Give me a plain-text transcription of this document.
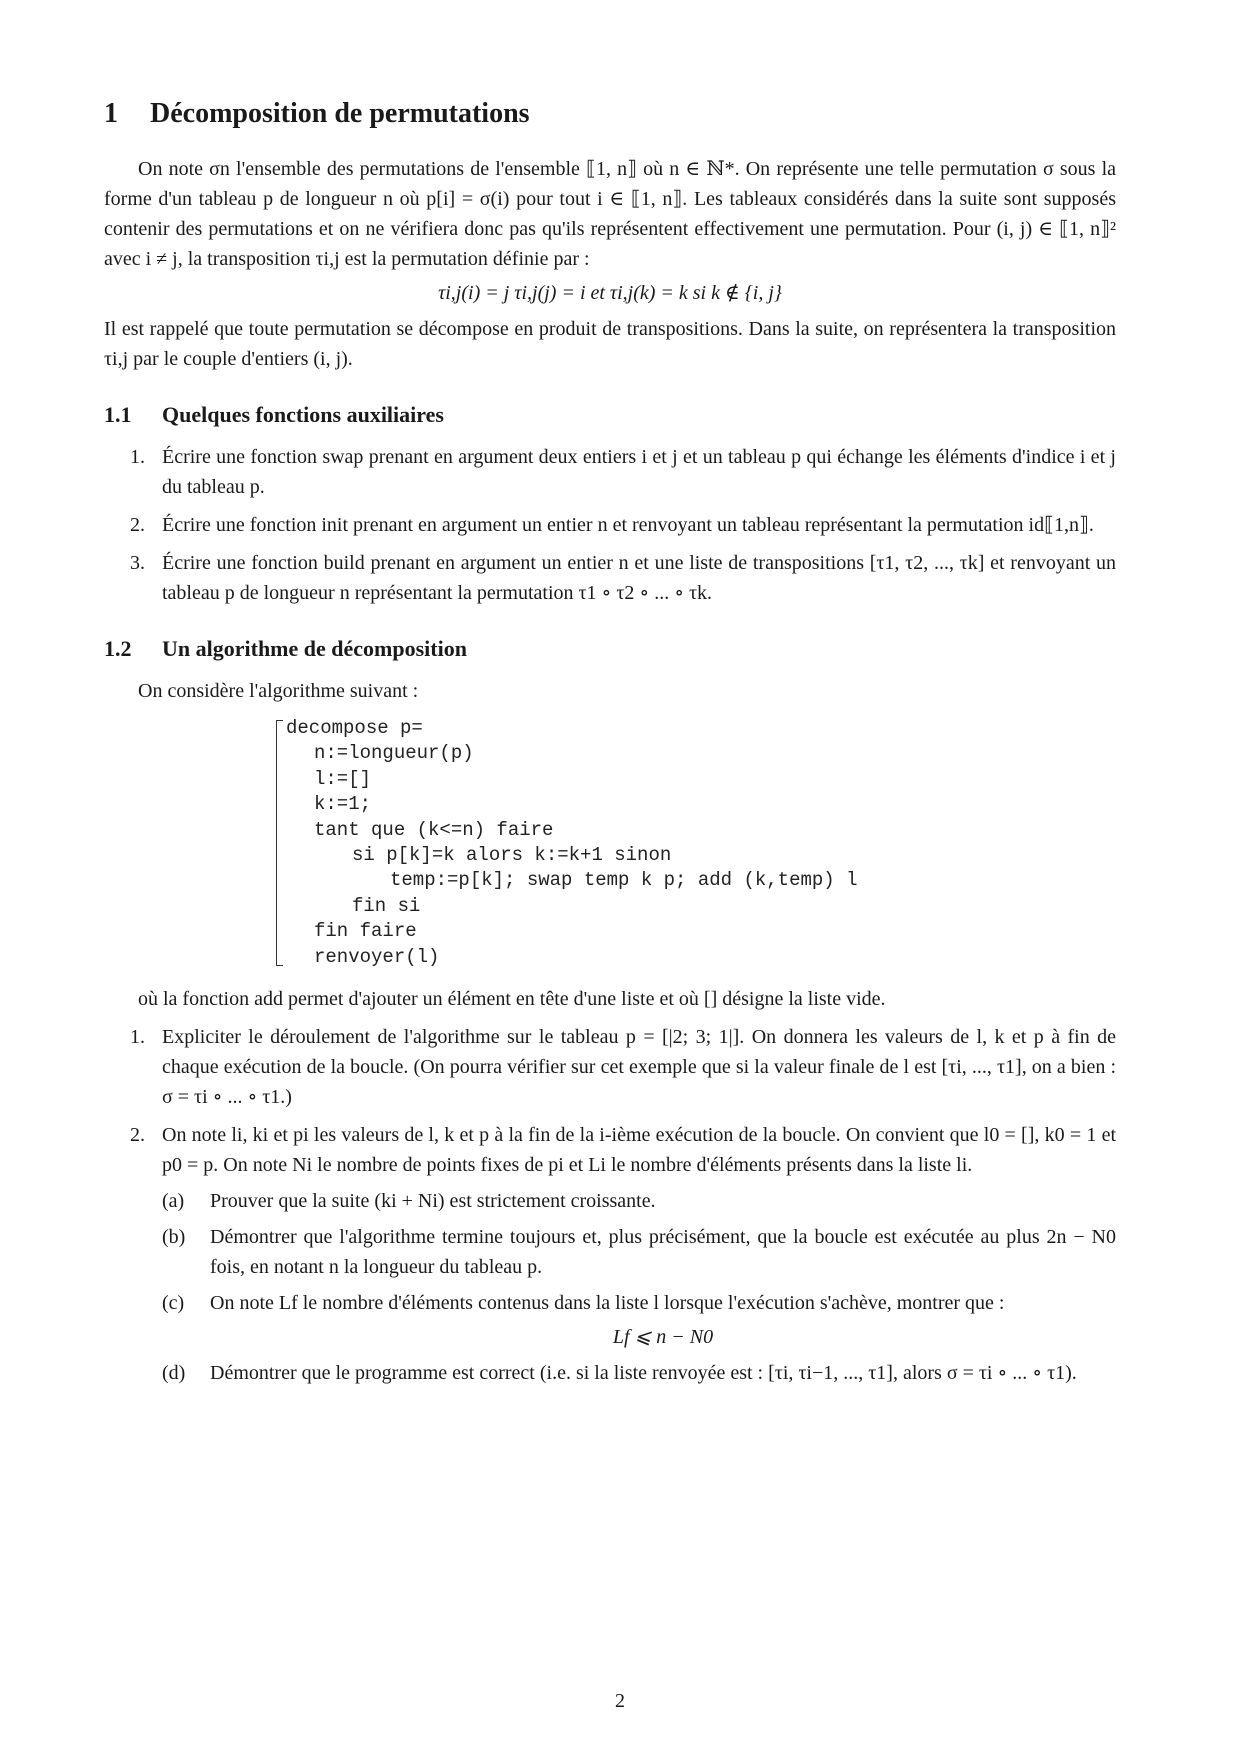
1 Décomposition de permutations

On note σn l'ensemble des permutations de l'ensemble ⟦1, n⟧ où n ∈ ℕ*. On représente une telle permutation σ sous la forme d'un tableau p de longueur n où p[i] = σ(i) pour tout i ∈ ⟦1, n⟧. Les tableaux considérés dans la suite sont supposés contenir des permutations et on ne vérifiera donc pas qu'ils représentent effectivement une permutation. Pour (i, j) ∈ ⟦1, n⟧² avec i ≠ j, la transposition τi,j est la permutation définie par :

τi,j(i) = j τi,j(j) = i et τi,j(k) = k si k ∉ {i, j}

Il est rappelé que toute permutation se décompose en produit de transpositions. Dans la suite, on représentera la transposition τi,j par le couple d'entiers (i, j).

1.1 Quelques fonctions auxiliaires
1. Écrire une fonction swap prenant en argument deux entiers i et j et un tableau p qui échange les éléments d'indice i et j du tableau p.
2. Écrire une fonction init prenant en argument un entier n et renvoyant un tableau représentant la permutation id⟦1,n⟧.
3. Écrire une fonction build prenant en argument un entier n et une liste de transpositions [τ1, τ2, ..., τk] et renvoyant un tableau p de longueur n représentant la permutation τ1 ∘ τ2 ∘ ... ∘ τk.
1.2 Un algorithme de décomposition

On considère l'algorithme suivant :

decompose p=
n:=longueur(p)
l:=[]
k:=1;
tant que (k<=n) faire
si p[k]=k alors k:=k+1 sinon
temp:=p[k]; swap temp k p; add (k,temp) l
fin si
fin faire
renvoyer(l)

où la fonction add permet d'ajouter un élément en tête d'une liste et où [] désigne la liste vide.

1. Expliciter le déroulement de l'algorithme sur le tableau p = [|2; 3; 1|]. On donnera les valeurs de l, k et p à fin de chaque exécution de la boucle. (On pourra vérifier sur cet exemple que si la valeur finale de l est [τi, ..., τ1], on a bien : σ = τi ∘ ... ∘ τ1.)
2. On note li, ki et pi les valeurs de l, k et p à la fin de la i-ième exécution de la boucle. On convient que l0 = [], k0 = 1 et p0 = p. On note Ni le nombre de points fixes de pi et Li le nombre d'éléments présents dans la liste li.
(a) Prouver que la suite (ki + Ni) est strictement croissante.
(b) Démontrer que l'algorithme termine toujours et, plus précisément, que la boucle est exécutée au plus 2n − N0 fois, en notant n la longueur du tableau p.
(c) On note Lf le nombre d'éléments contenus dans la liste l lorsque l'exécution s'achève, montrer que :
Lf ⩽ n − N0
(d) Démontrer que le programme est correct (i.e. si la liste renvoyée est : [τi, τi−1, ..., τ1], alors σ = τi ∘ ... ∘ τ1).
2
